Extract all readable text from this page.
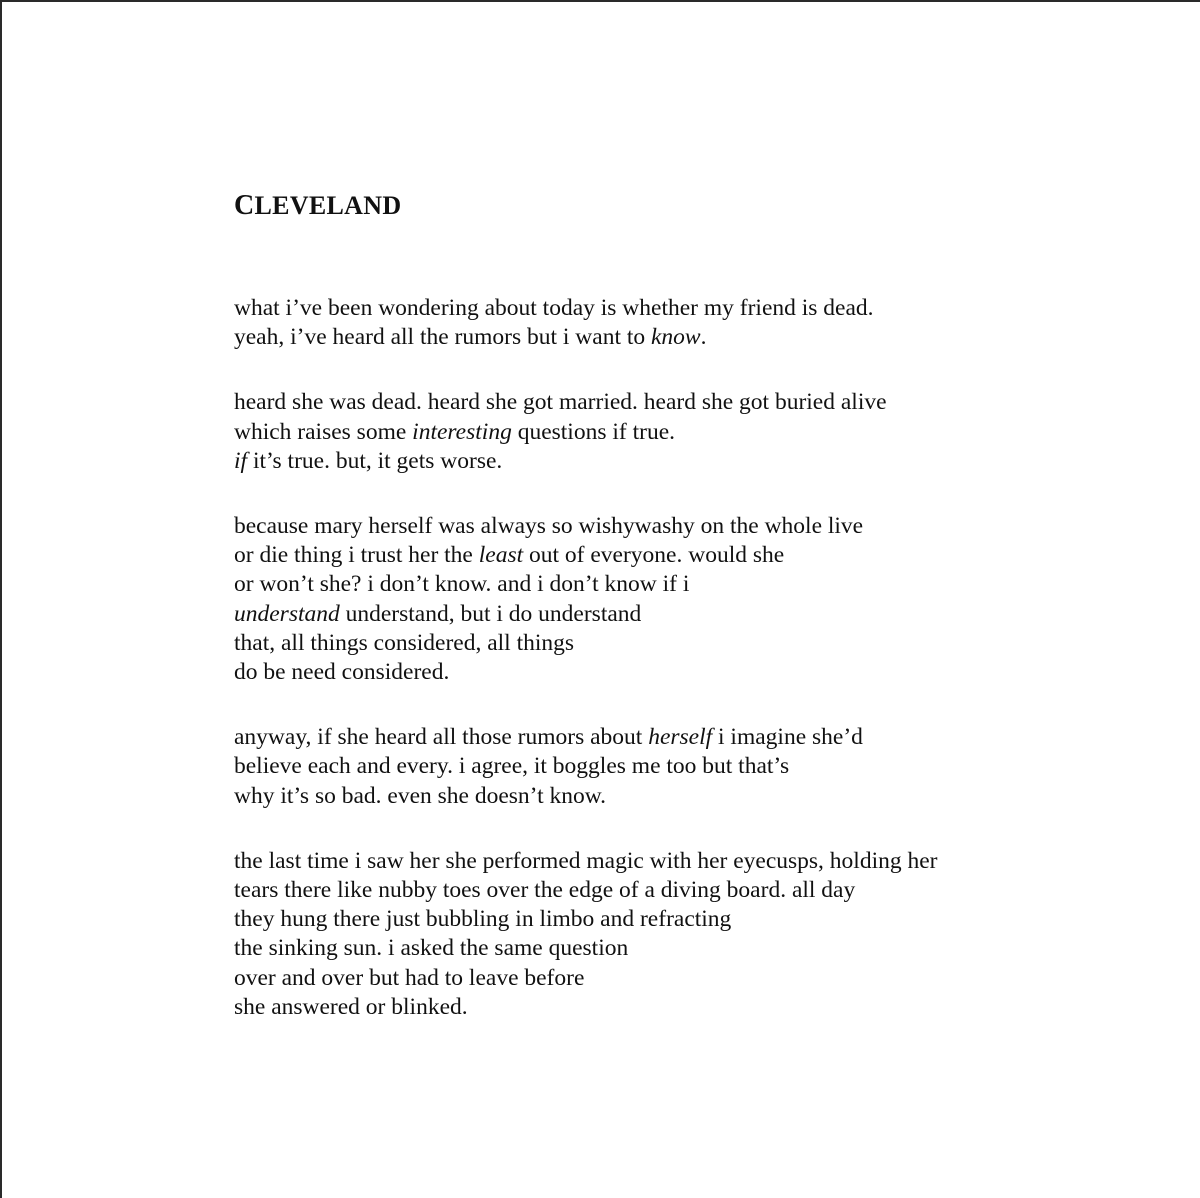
CLEVELAND
what i’ve been wondering about today is whether my friend is dead.
yeah, i’ve heard all the rumors but i want to know.
heard she was dead. heard she got married. heard she got buried alive
which raises some interesting questions if true.
if it’s true. but, it gets worse.
because mary herself was always so wishywashy on the whole live
or die thing i trust her the least out of everyone. would she
or won’t she? i don’t know. and i don’t know if i
understand understand, but i do understand
that, all things considered, all things
do be need considered.
anyway, if she heard all those rumors about herself i imagine she’d
believe each and every. i agree, it boggles me too but that’s
why it’s so bad. even she doesn’t know.
the last time i saw her she performed magic with her eyecusps, holding her
tears there like nubby toes over the edge of a diving board. all day
they hung there just bubbling in limbo and refracting
the sinking sun. i asked the same question
over and over but had to leave before
she answered or blinked.
